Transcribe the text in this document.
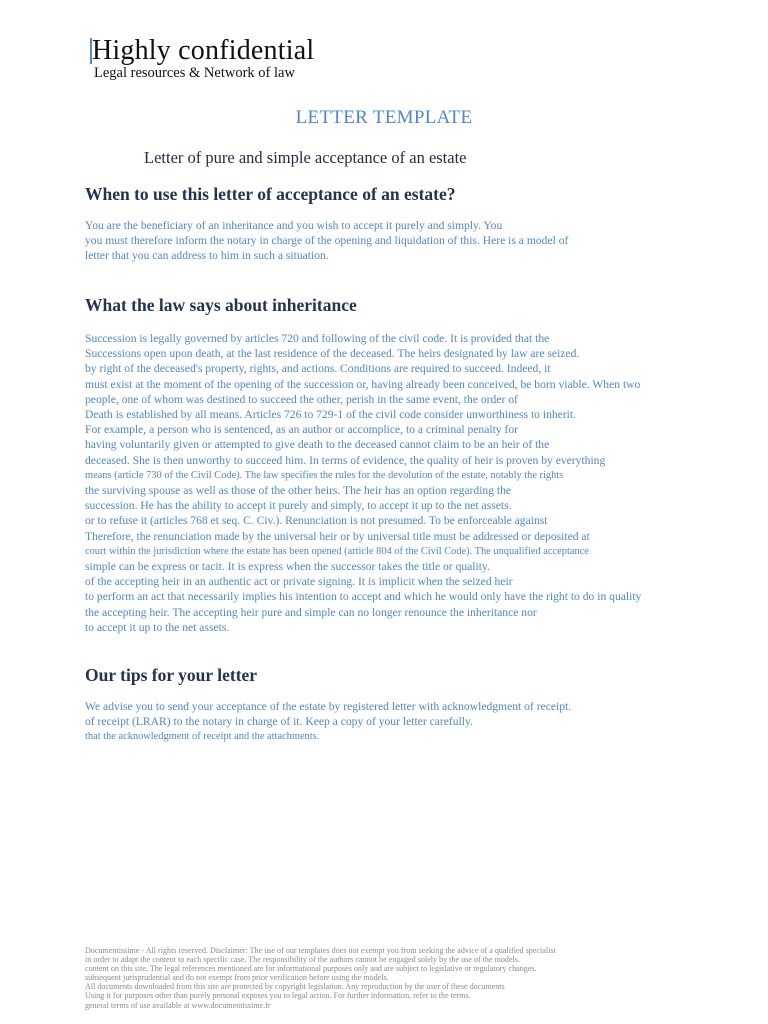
Highly confidential
Legal resources & Network of law
LETTER TEMPLATE
Letter of pure and simple acceptance of an estate
When to use this letter of acceptance of an estate?
You are the beneficiary of an inheritance and you wish to accept it purely and simply. You
you must therefore inform the notary in charge of the opening and liquidation of this. Here is a model of
letter that you can address to him in such a situation.
What the law says about inheritance
Succession is legally governed by articles 720 and following of the civil code. It is provided that the
Successions open upon death, at the last residence of the deceased. The heirs designated by law are seized.
by right of the deceased's property, rights, and actions. Conditions are required to succeed. Indeed, it
must exist at the moment of the opening of the succession or, having already been conceived, be born viable. When two
people, one of whom was destined to succeed the other, perish in the same event, the order of
Death is established by all means. Articles 726 to 729-1 of the civil code consider unworthiness to inherit.
For example, a person who is sentenced, as an author or accomplice, to a criminal penalty for
having voluntarily given or attempted to give death to the deceased cannot claim to be an heir of the
deceased. She is then unworthy to succeed him. In terms of evidence, the quality of heir is proven by everything
means (article 730 of the Civil Code). The law specifies the rules for the devolution of the estate, notably the rights
the surviving spouse as well as those of the other heirs. The heir has an option regarding the
succession. He has the ability to accept it purely and simply, to accept it up to the net assets.
or to refuse it (articles 768 et seq. C. Civ.). Renunciation is not presumed. To be enforceable against
Therefore, the renunciation made by the universal heir or by universal title must be addressed or deposited at
court within the jurisdiction where the estate has been opened (article 804 of the Civil Code). The unqualified acceptance
simple can be express or tacit. It is express when the successor takes the title or quality.
of the accepting heir in an authentic act or private signing. It is implicit when the seized heir
to perform an act that necessarily implies his intention to accept and which he would only have the right to do in quality
the accepting heir. The accepting heir pure and simple can no longer renounce the inheritance nor
to accept it up to the net assets.
Our tips for your letter
We advise you to send your acceptance of the estate by registered letter with acknowledgment of receipt.
of receipt (LRAR) to the notary in charge of it. Keep a copy of your letter carefully.
that the acknowledgment of receipt and the attachments.
Documentissime - All rights reserved. Disclaimer: The use of our templates does not exempt you from seeking the advice of a qualified specialist
in order to adapt the content to each specific case. The responsibility of the authors cannot be engaged solely by the use of the models.
content on this site. The legal references mentioned are for informational purposes only and are subject to legislative or regulatory changes.
subsequent jurisprudential and do not exempt from prior verification before using the models.
All documents downloaded from this site are protected by copyright legislation. Any reproduction by the user of these documents
Using it for purposes other than purely personal exposes you to legal action. For further information, refer to the terms.
general terms of use available at www.documentissime.fr
